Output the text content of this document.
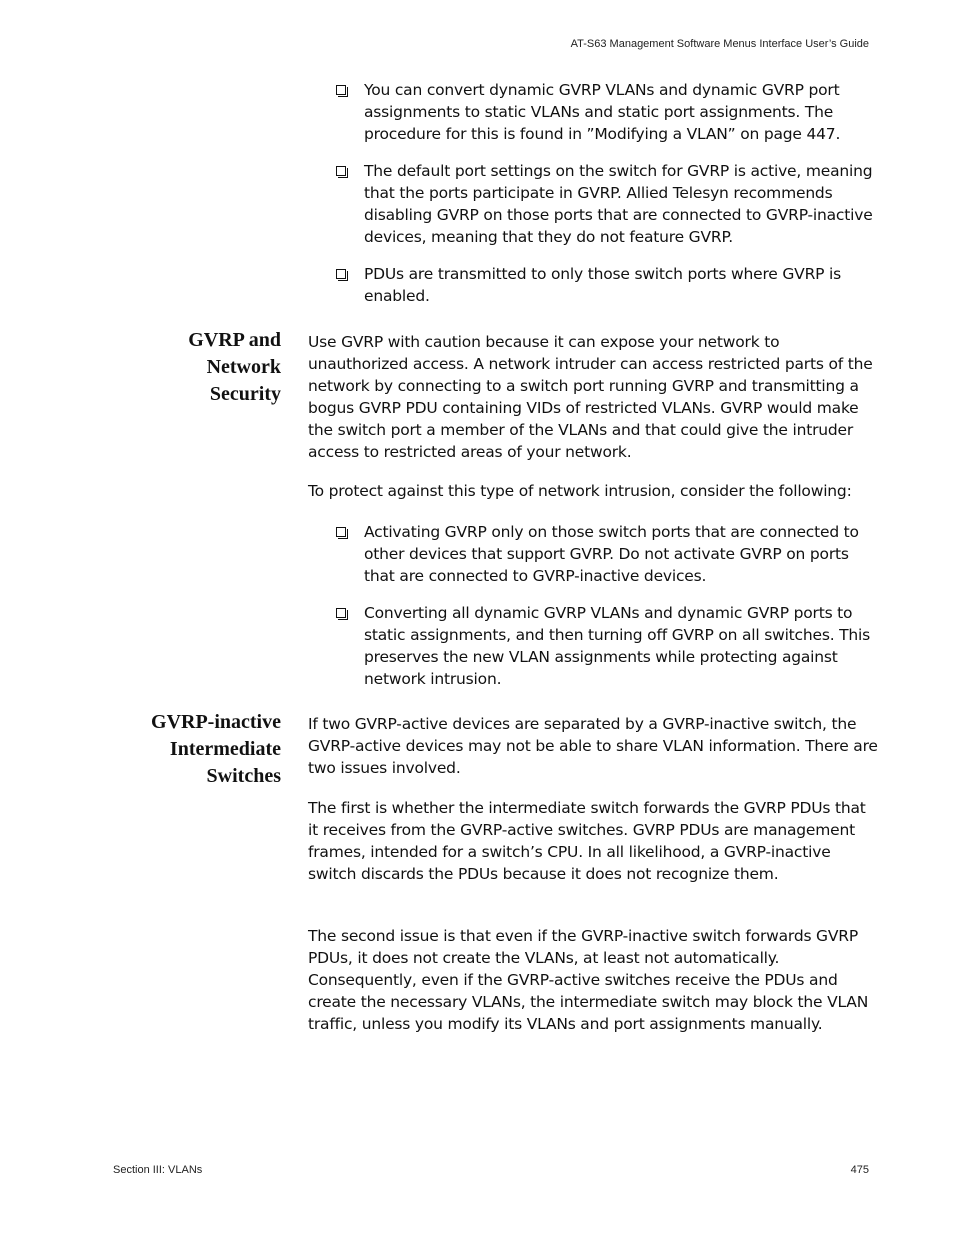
AT-S63 Management Software Menus Interface User’s Guide
You can convert dynamic GVRP VLANs and dynamic GVRP port assignments to static VLANs and static port assignments. The procedure for this is found in ”Modifying a VLAN” on page 447.
The default port settings on the switch for GVRP is active, meaning that the ports participate in GVRP. Allied Telesyn recommends disabling GVRP on those ports that are connected to GVRP-inactive devices, meaning that they do not feature GVRP.
PDUs are transmitted to only those switch ports where GVRP is enabled.
GVRP and
Network
Security
Use GVRP with caution because it can expose your network to unauthorized access. A network intruder can access restricted parts of the network by connecting to a switch port running GVRP and transmitting a bogus GVRP PDU containing VIDs of restricted VLANs. GVRP would make the switch port a member of the VLANs and that could give the intruder access to restricted areas of your network.
To protect against this type of network intrusion, consider the following:
Activating GVRP only on those switch ports that are connected to other devices that support GVRP. Do not activate GVRP on ports that are connected to GVRP-inactive devices.
Converting all dynamic GVRP VLANs and dynamic GVRP ports to static assignments, and then turning off GVRP on all switches. This preserves the new VLAN assignments while protecting against network intrusion.
GVRP-inactive
Intermediate
Switches
If two GVRP-active devices are separated by a GVRP-inactive switch, the GVRP-active devices may not be able to share VLAN information. There are two issues involved.
The first is whether the intermediate switch forwards the GVRP PDUs that it receives from the GVRP-active switches. GVRP PDUs are management frames, intended for a switch’s CPU. In all likelihood, a GVRP-inactive switch discards the PDUs because it does not recognize them.
The second issue is that even if the GVRP-inactive switch forwards GVRP PDUs, it does not create the VLANs, at least not automatically. Consequently, even if the GVRP-active switches receive the PDUs and create the necessary VLANs, the intermediate switch may block the VLAN traffic, unless you modify its VLANs and port assignments manually.
Section III: VLANs	475
